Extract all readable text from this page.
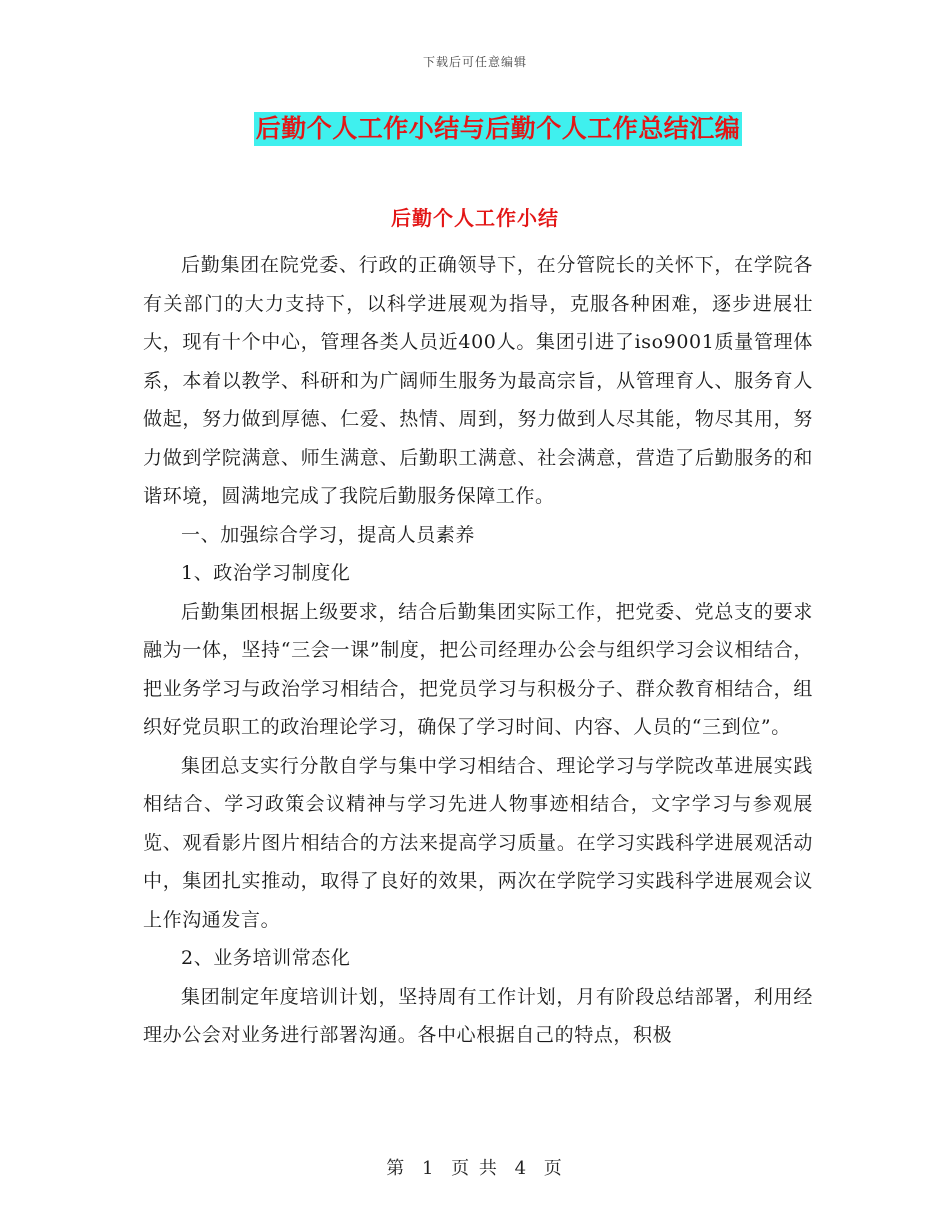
下载后可任意编辑
后勤个人工作小结与后勤个人工作总结汇编
后勤个人工作小结

后勤集团在院党委、行政的正确领导下，在分管院长的关怀下，在学院各有关部门的大力支持下，以科学进展观为指导，克服各种困难，逐步进展壮大，现有十个中心，管理各类人员近400人。集团引进了iso9001质量管理体系，本着以教学、科研和为广阔师生服务为最高宗旨，从管理育人、服务育人做起，努力做到厚德、仁爱、热情、周到，努力做到人尽其能，物尽其用，努力做到学院满意、师生满意、后勤职工满意、社会满意，营造了后勤服务的和谐环境，圆满地完成了我院后勤服务保障工作。

一、加强综合学习，提高人员素养

1、政治学习制度化

后勤集团根据上级要求，结合后勤集团实际工作，把党委、党总支的要求融为一体，坚持“三会一课”制度，把公司经理办公会与组织学习会议相结合，把业务学习与政治学习相结合，把党员学习与积极分子、群众教育相结合，组织好党员职工的政治理论学习，确保了学习时间、内容、人员的“三到位”。

集团总支实行分散自学与集中学习相结合、理论学习与学院改革进展实践相结合、学习政策会议精神与学习先进人物事迹相结合，文字学习与参观展览、观看影片图片相结合的方法来提高学习质量。在学习实践科学进展观活动中，集团扎实推动，取得了良好的效果，两次在学院学习实践科学进展观会议上作沟通发言。

2、业务培训常态化

集团制定年度培训计划，坚持周有工作计划，月有阶段总结部署，利用经理办公会对业务进行部署沟通。各中心根据自己的特点，积极

第 1 页 共 4 页
